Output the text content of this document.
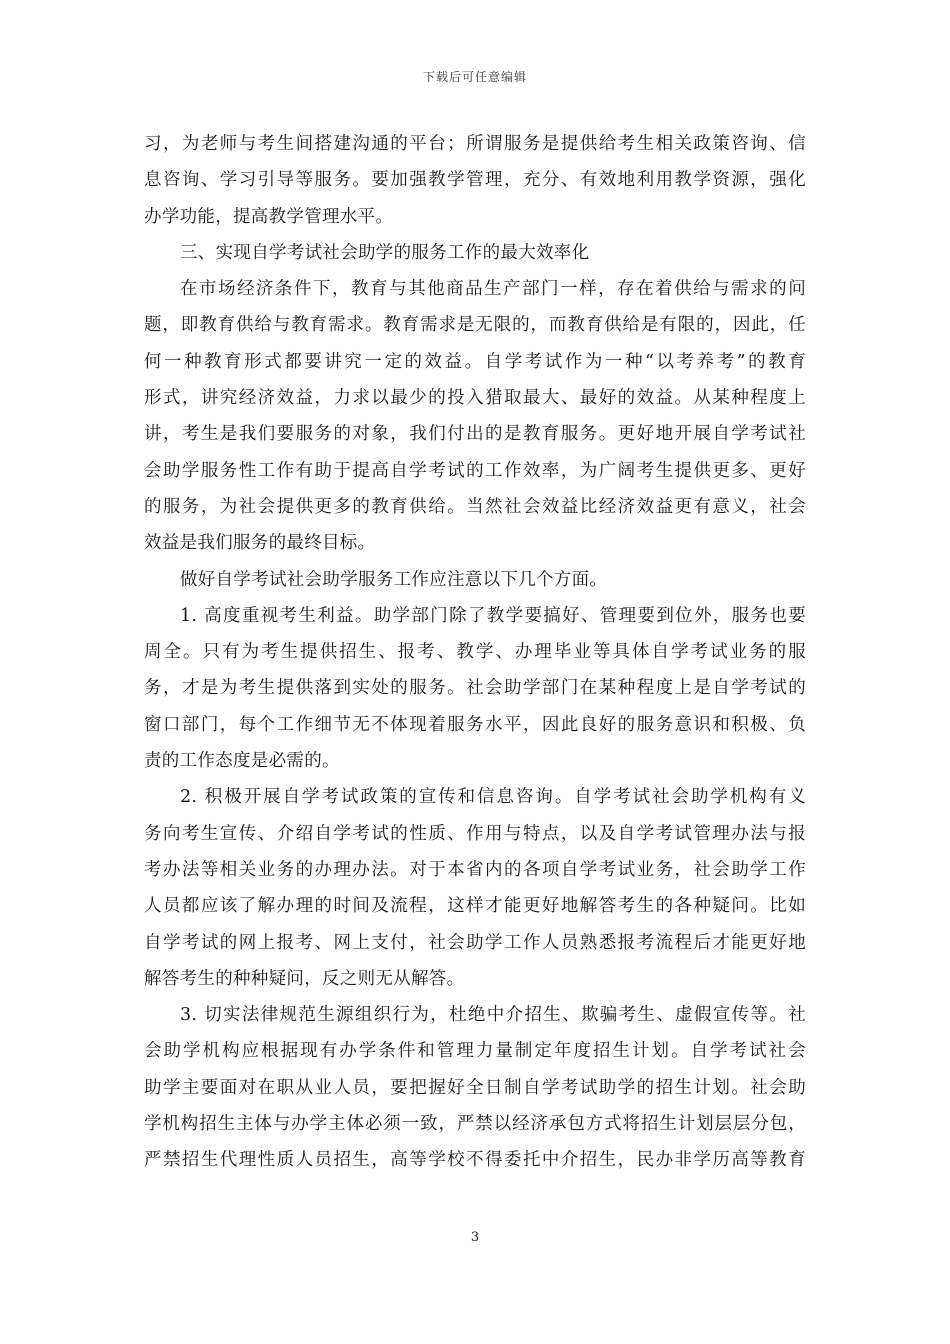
下载后可任意编辑
习，为老师与考生间搭建沟通的平台；所谓服务是提供给考生相关政策咨询、信
息咨询、学习引导等服务。要加强教学管理，充分、有效地利用教学资源，强化
办学功能，提高教学管理水平。
三、实现自学考试社会助学的服务工作的最大效率化
在市场经济条件下，教育与其他商品生产部门一样，存在着供给与需求的问
题，即教育供给与教育需求。教育需求是无限的，而教育供给是有限的，因此，任
何一种教育形式都要讲究一定的效益。自学考试作为一种“以考养考”的教育
形式，讲究经济效益，力求以最少的投入猎取最大、最好的效益。从某种程度上
讲，考生是我们要服务的对象，我们付出的是教育服务。更好地开展自学考试社
会助学服务性工作有助于提高自学考试的工作效率，为广阔考生提供更多、更好
的服务，为社会提供更多的教育供给。当然社会效益比经济效益更有意义，社会
效益是我们服务的最终目标。
做好自学考试社会助学服务工作应注意以下几个方面。
1. 高度重视考生利益。助学部门除了教学要搞好、管理要到位外，服务也要
周全。只有为考生提供招生、报考、教学、办理毕业等具体自学考试业务的服
务，才是为考生提供落到实处的服务。社会助学部门在某种程度上是自学考试的
窗口部门，每个工作细节无不体现着服务水平，因此良好的服务意识和积极、负
责的工作态度是必需的。
2. 积极开展自学考试政策的宣传和信息咨询。自学考试社会助学机构有义
务向考生宣传、介绍自学考试的性质、作用与特点，以及自学考试管理办法与报
考办法等相关业务的办理办法。对于本省内的各项自学考试业务，社会助学工作
人员都应该了解办理的时间及流程，这样才能更好地解答考生的各种疑问。比如
自学考试的网上报考、网上支付，社会助学工作人员熟悉报考流程后才能更好地
解答考生的种种疑问，反之则无从解答。
3. 切实法律规范生源组织行为，杜绝中介招生、欺骗考生、虚假宣传等。社
会助学机构应根据现有办学条件和管理力量制定年度招生计划。自学考试社会
助学主要面对在职从业人员，要把握好全日制自学考试助学的招生计划。社会助
学机构招生主体与办学主体必须一致，严禁以经济承包方式将招生计划层层分包，
严禁招生代理性质人员招生，高等学校不得委托中介招生，民办非学历高等教育
3
